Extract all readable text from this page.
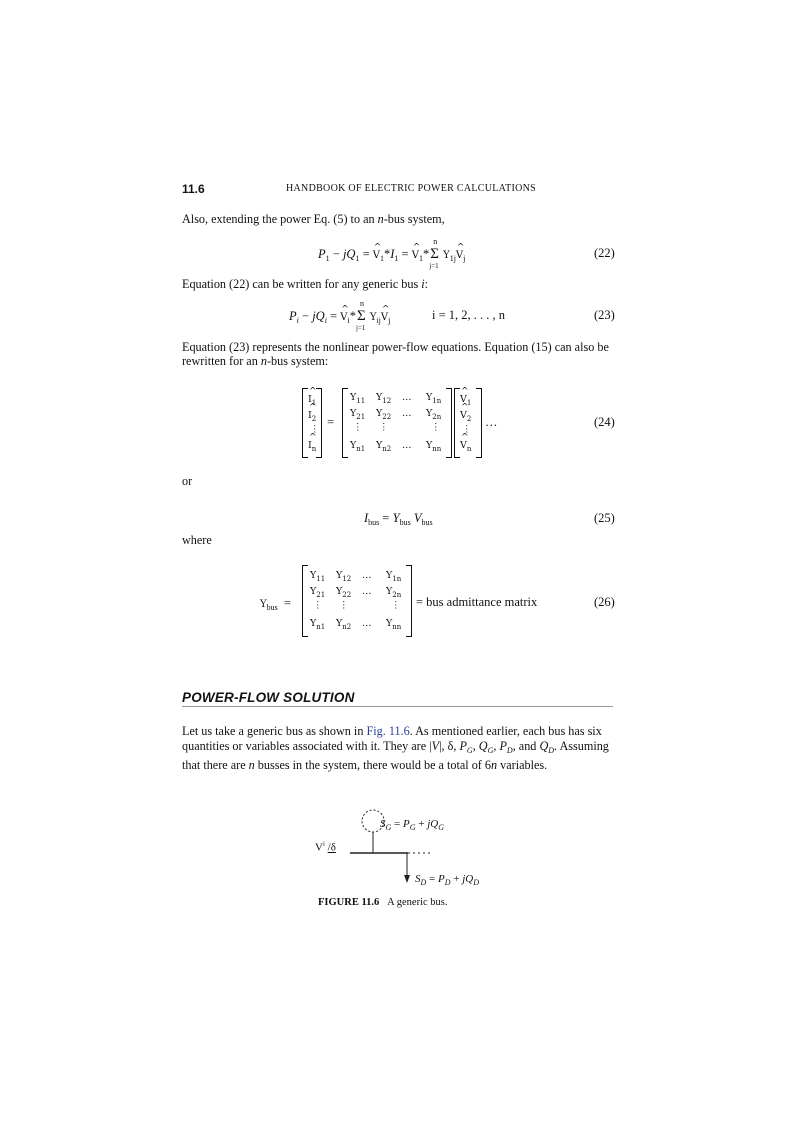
11.6	HANDBOOK OF ELECTRIC POWER CALCULATIONS
Also, extending the power Eq. (5) to an n-bus system,
$P_1 - jQ_1$ = ^ $V_1*I_1$ = ^ $V_1*\Sigma$
n
j=1
$Y_{1j}\^{}$ $V_j$	(22)
Equation (22) can be written for any generic bus i:
$P_i - jQ_i$ = ^ $V_i*\Sigma$
n
j=1
$Y_{ij}\^{}$ $V_j$	i = 1, 2, . . . , n	(23)
Equation (23) represents the nonlinear power-flow equations. Equation (15) can also be
rewritten for an n-bus system:
^ $I_1$
^ $I_2$
⋮
^ $I_n$
=
$Y_{11}$ $Y_{12}$ … $Y_{1n}$
$Y_{21}$ $Y_{22}$ … $Y_{2n}$
⋮ ⋮	⋮
$Y_{n1}$ $Y_{n2}$ … $Y_{nn}$
^ $V_1$
^ $V_2$
⋮
^ $V_n$
…	(24)
or
$I_{bus} = Y_{bus}$ $V_{bus}$	(25)
where
$Y_{bus}$  =
$Y_{11}$ $Y_{12}$ … $Y_{1n}$
$Y_{21}$ $Y_{22}$ … $Y_{2n}$
⋮ ⋮	⋮
$Y_{n1}$ $Y_{n2}$ … $Y_{nn}$
= bus admittance matrix	(26)
POWER-FLOW SOLUTION
Let us take a generic bus as shown in Fig. 11.6. As mentioned earlier, each bus has six
quantities or variables associated with it. They are |V|, δ, $P_G$, $Q_G$, $P_D$, and $Q_D$. Assuming
that there are n busses in the system, there would be a total of 6n variables.
$S_G = P_G + jQ_G$
$V^i$ /δ
$S_D = P_D + jQ_D$
FIGURE 11.6 A generic bus.
